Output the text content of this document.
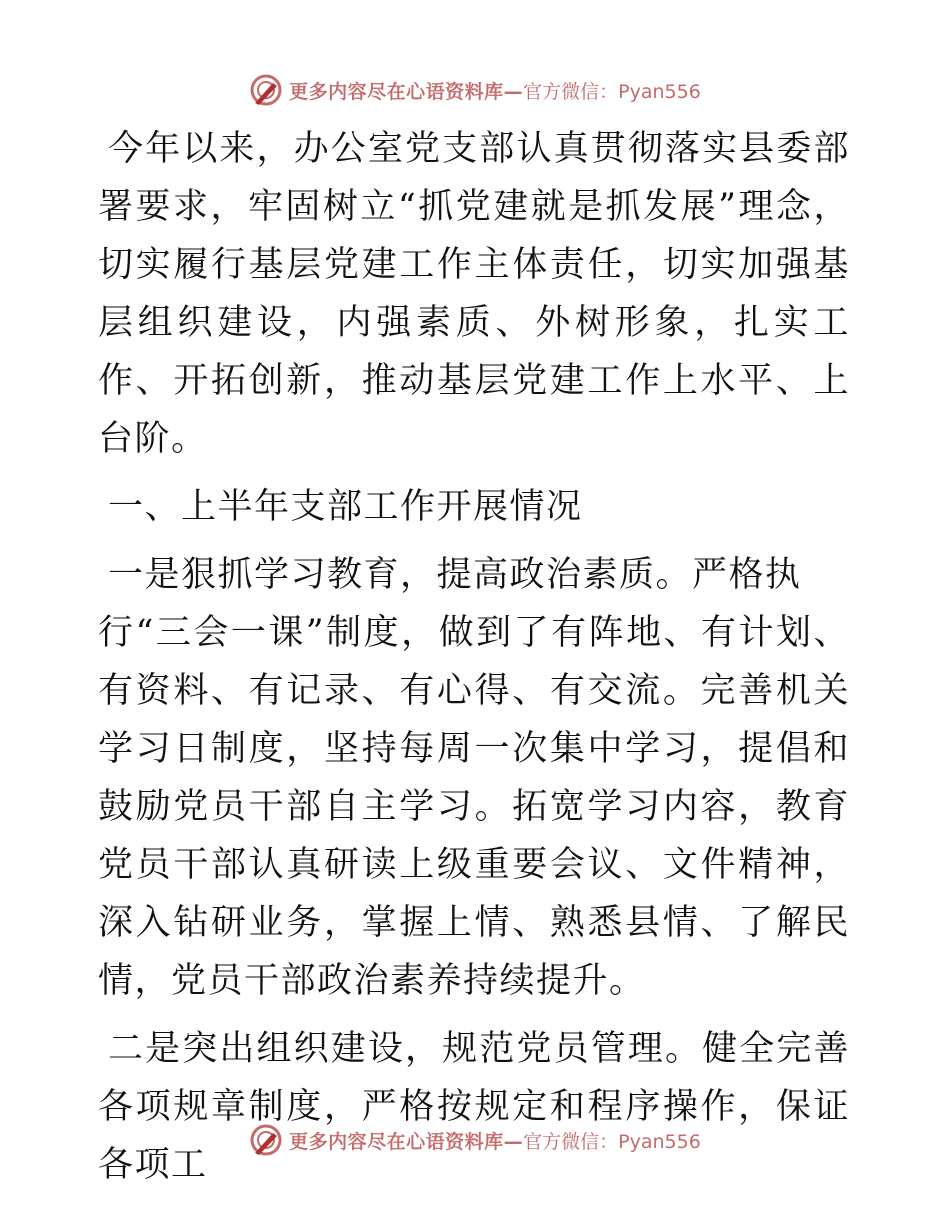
更多内容尽在心语资料库— 官方微信：Pyan556

今年以来，办公室党支部认真贯彻落实县委部署要求，牢固树立“抓党建就是抓发展”理念，切实履行基层党建工作主体责任，切实加强基层组织建设，内强素质、外树形象，扎实工作、开拓创新，推动基层党建工作上水平、上台阶。

一、上半年支部工作开展情况

一是狠抓学习教育，提高政治素质。严格执

行“三会一课”制度，做到了有阵地、有计划、有资料、有记录、有心得、有交流。完善机关学习日制度，坚持每周一次集中学习，提倡和鼓励党员干部自主学习。拓宽学习内容，教育党员干部认真研读上级重要会议、文件精神，深入钻研业务，掌握上情、熟悉县情、了解民情，党员干部政治素养持续提升。

二是突出组织建设，规范党员管理。健全完善各项规章制度，严格按规定和程序操作，保证各项工

更多内容尽在心语资料库— 官方微信：Pyan556
